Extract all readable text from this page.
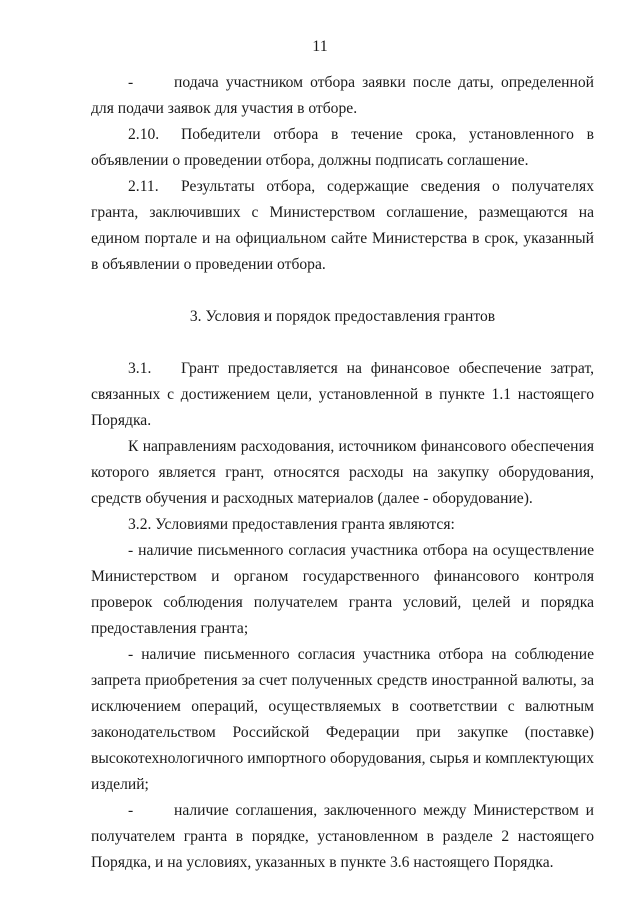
11

-	подача участником отбора заявки после даты, определенной для подачи заявок для участия в отборе.

2.10. Победители отбора в течение срока, установленного в объявлении о проведении отбора, должны подписать соглашение.

2.11. Результаты отбора, содержащие сведения о получателях гранта, заключивших с Министерством соглашение, размещаются на едином портале и на официальном сайте Министерства в срок, указанный в объявлении о проведении отбора.

3. Условия и порядок предоставления грантов

3.1. Грант предоставляется на финансовое обеспечение затрат, связанных с достижением цели, установленной в пункте 1.1 настоящего Порядка.

К направлениям расходования, источником финансового обеспечения которого является грант, относятся расходы на закупку оборудования, средств обучения и расходных материалов (далее - оборудование).

3.2. Условиями предоставления гранта являются:

- наличие письменного согласия участника отбора на осуществление Министерством и органом государственного финансового контроля проверок соблюдения получателем гранта условий, целей и порядка предоставления гранта;

- наличие письменного согласия участника отбора на соблюдение запрета приобретения за счет полученных средств иностранной валюты, за исключением операций, осуществляемых в соответствии с валютным законодательством Российской Федерации при закупке (поставке) высокотехнологичного импортного оборудования, сырья и комплектующих изделий;

-	наличие соглашения, заключенного между Министерством и получателем гранта в порядке, установленном в разделе 2 настоящего Порядка, и на условиях, указанных в пункте 3.6 настоящего Порядка.
